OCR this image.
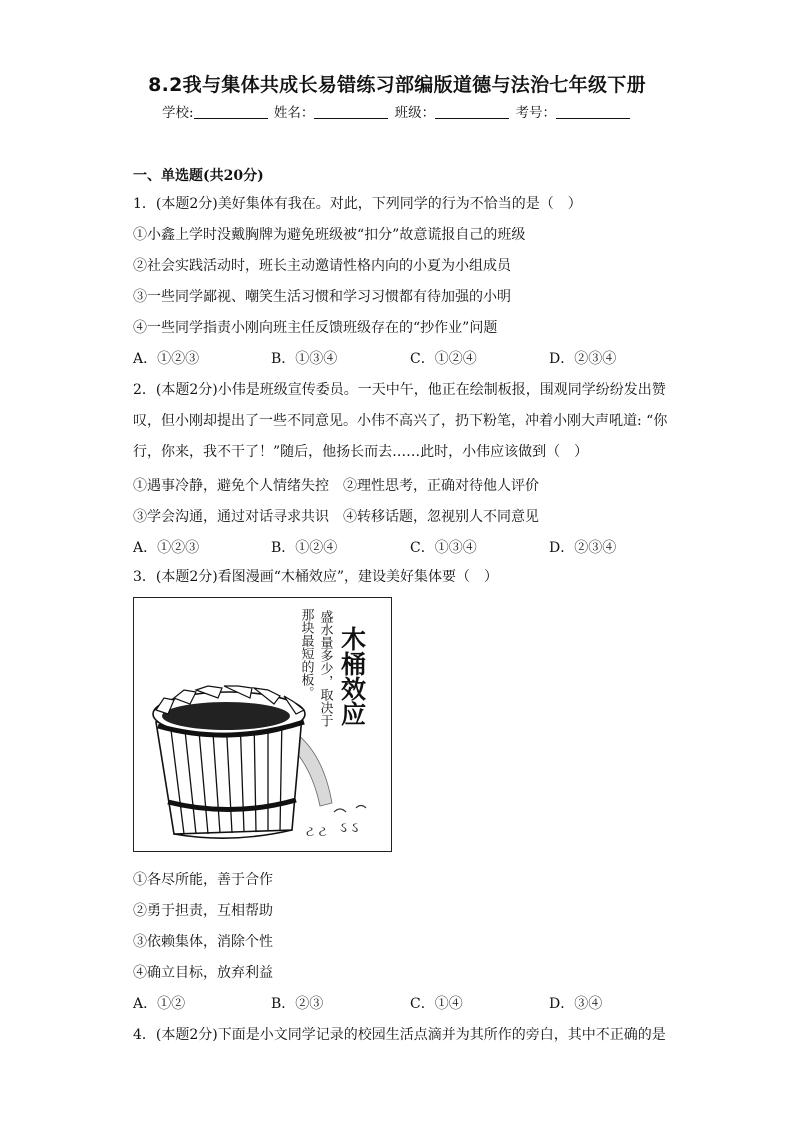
8.2我与集体共成长易错练习部编版道德与法治七年级下册
学校:	姓名：	班级：	考号：
一、单选题(共20分)
1．(本题2分)美好集体有我在。对此，下列同学的行为不恰当的是（　）
①小鑫上学时没戴胸牌为避免班级被“扣分”故意谎报自己的班级
②社会实践活动时，班长主动邀请性格内向的小夏为小组成员
③一些同学鄙视、嘲笑生活习惯和学习习惯都有待加强的小明
④一些同学指责小刚向班主任反馈班级存在的“抄作业”问题
A．①②③	B．①③④	C．①②④	D．②③④
2．(本题2分)小伟是班级宣传委员。一天中午，他正在绘制板报，围观同学纷纷发出赞
叹，但小刚却提出了一些不同意见。小伟不高兴了，扔下粉笔，冲着小刚大声吼道: “你
行，你来，我不干了！”随后，他扬长而去……此时，小伟应该做到（　）
①遇事冷静，避免个人情绪失控　②理性思考，正确对待他人评价
③学会沟通，通过对话寻求共识　④转移话题，忽视别人不同意见
A．①②③	B．①②④	C．①③④	D．②③④
3．(本题2分)看图漫画“木桶效应”，建设美好集体要（　）
ટ ટ ઽ ઽ
木桶效应
盛水量多少，取决于
那块最短的板。
①各尽所能，善于合作
②勇于担责，互相帮助
③依赖集体，消除个性
④确立目标，放弃利益
A．①②	B．②③	C．①④	D．③④
4．(本题2分)下面是小文同学记录的校园生活点滴并为其所作的旁白，其中不正确的是
